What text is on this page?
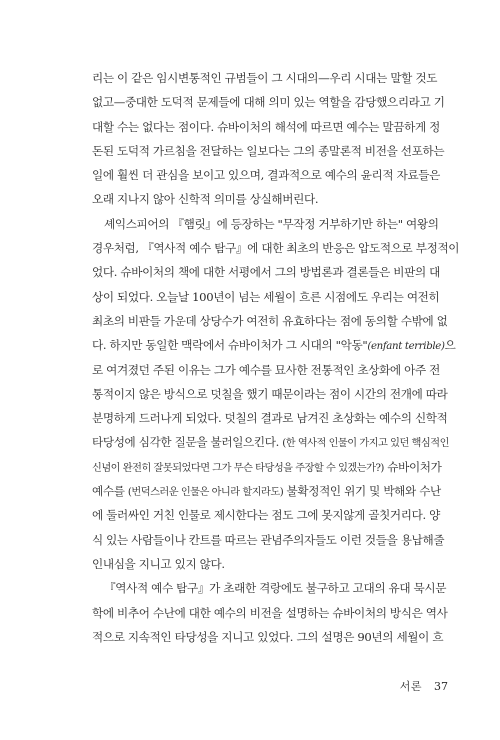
리는 이 같은 임시변통적인 규범들이 그 시대의—우리 시대는 말할 것도
없고—중대한 도덕적 문제들에 대해 의미 있는 역할을 감당했으리라고 기
대할 수는 없다는 점이다. 슈바이처의 해석에 따르면 예수는 말끔하게 정
돈된 도덕적 가르침을 전달하는 일보다는 그의 종말론적 비전을 선포하는
일에 훨씬 더 관심을 보이고 있으며, 결과적으로 예수의 윤리적 자료들은
오래 지나지 않아 신학적 의미를 상실해버린다.
셰익스피어의 『햄릿』에 등장하는 "무작정 거부하기만 하는" 여왕의
경우처럼, 『역사적 예수 탐구』에 대한 최초의 반응은 압도적으로 부정적이
었다. 슈바이처의 책에 대한 서평에서 그의 방법론과 결론들은 비판의 대
상이 되었다. 오늘날 100년이 넘는 세월이 흐른 시점에도 우리는 여전히
최초의 비판들 가운데 상당수가 여전히 유효하다는 점에 동의할 수밖에 없
다. 하지만 동일한 맥락에서 슈바이처가 그 시대의 "악동"(enfant terrible)으
로 여겨졌던 주된 이유는 그가 예수를 묘사한 전통적인 초상화에 아주 전
통적이지 않은 방식으로 덧칠을 했기 때문이라는 점이 시간의 전개에 따라
분명하게 드러나게 되었다. 덧칠의 결과로 남겨진 초상화는 예수의 신학적
타당성에 심각한 질문을 불러일으킨다. (한 역사적 인물이 가지고 있던 핵심적인
신념이 완전히 잘못되었다면 그가 무슨 타당성을 주장할 수 있겠는가?) 슈바이처가
예수를 (번덕스러운 인물은 아니라 할지라도) 불확정적인 위기 및 박해와 수난
에 둘러싸인 거친 인물로 제시한다는 점도 그에 못지않게 골칫거리다. 양
식 있는 사람들이나 칸트를 따르는 관념주의자들도 이런 것들을 용납해줄
인내심을 지니고 있지 않다.
『역사적 예수 탐구』가 초래한 격랑에도 불구하고 고대의 유대 묵시문
학에 비추어 수난에 대한 예수의 비전을 설명하는 슈바이처의 방식은 역사
적으로 지속적인 타당성을 지니고 있었다. 그의 설명은 90년의 세월이 흐
서론 37
